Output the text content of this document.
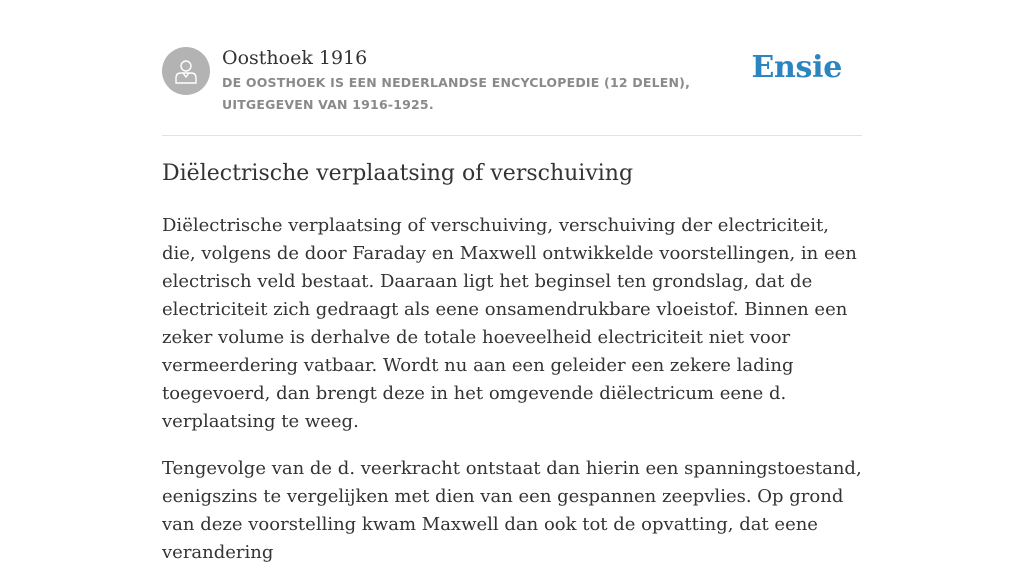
Oosthoek 1916
DE OOSTHOEK IS EEN NEDERLANDSE ENCYCLOPEDIE (12 DELEN), UITGEGEVEN VAN 1916-1925.
Ensie
Diëlectrische verplaatsing of verschuiving

Diëlectrische verplaatsing of verschuiving, verschuiving der electriciteit, die, volgens de door Faraday en Maxwell ontwikkelde voorstellingen, in een electrisch veld bestaat. Daaraan ligt het beginsel ten grondslag, dat de electriciteit zich gedraagt als eene onsamendrukbare vloeistof. Binnen een zeker volume is derhalve de totale hoeveelheid electriciteit niet voor vermeerdering vatbaar. Wordt nu aan een geleider een zekere lading toegevoerd, dan brengt deze in het omgevende diëlectricum eene d. verplaatsing te weeg.

Tengevolge van de d. veerkracht ontstaat dan hierin een spanningstoestand, eenigszins te vergelijken met dien van een gespannen zeepvlies. Op grond van deze voorstelling kwam Maxwell dan ook tot de opvatting, dat eene verandering
